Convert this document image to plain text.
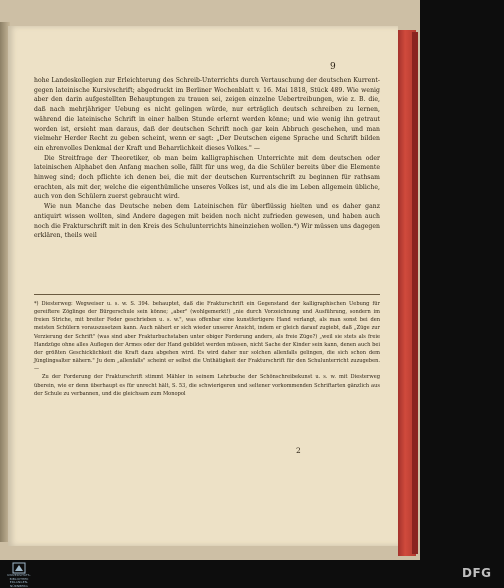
9

hohe Landeskollegien zur Erleichterung des Schreib-Unterrichts durch Vertauschung der deutschen Kurrent- gegen lateinische Kursivschrift; abgedruckt im Berliner Wochenblatt v. 16. Mai 1818, Stück 489. Wie wenig aber den darin aufgestellten Behauptungen zu trauen sei, zeigen einzelne Uebertreibungen, wie z. B. die, daß nach mehrjähriger Uebung es nicht gelingen würde, nur erträglich deutsch schreiben zu lernen, während die lateinische Schrift in einer halben Stunde erlernt werden könne; und wie wenig ihn getraut worden ist, ersieht man daraus, daß der deutschen Schrift noch gar kein Abbruch geschehen, und man vielmehr Herder Recht zu geben scheint, wenn er sagt: „Der Deutschen eigene Sprache und Schrift bilden ein ehrenvolles Denkmal der Kraft und Beharrlichkeit dieses Volkes." —

Die Streitfrage der Theoretiker, ob man beim kalligraphischen Unterrichte mit dem deutschen oder lateinischen Alphabet den Anfang machen solle, fällt für uns weg, da die Schüler bereits über die Elemente hinweg sind; doch pflichte ich denen bei, die mit der deutschen Kurrentschrift zu beginnen für rathsam erachten, als mit der, welche die eigenthümliche unseres Volkes ist, und als die im Leben allgemein übliche, auch von den Schülern zuerst gebraucht wird.

Wie nun Manche das Deutsche neben dem Lateinischen für überflüssig hielten und es daher ganz antiquirt wissen wollten, sind Andere dagegen mit beiden noch nicht zufrieden gewesen, und haben auch noch die Frakturschrift mit in den Kreis des Schulunterrichts hineinziehen wollen.*) Wir müssen uns dagegen erklären, theils weil

*) Diesterweg: Wegweiser u. s. w. S. 394. behauptet, daß die Frakturschrift ein Gegenstand der kalligraphischen Uebung für gereiftere Zöglinge der Bürgerschule sein könne; „aber" (wohlgemerkt!) „nie durch Vorzeichnung und Ausführung, sondern im freien Striche, mit breiter Feder geschrieben u. s. w.", was offenbar eine kunstfertigere Hand verlangt, als man sonst bei den meisten Schülern vorauszusetzen kann. Auch nähert er sich wieder unserer Ansicht, indem er gleich darauf zugiebt, daß „Züge zur Verzierung der Schrift" (was sind aber Frakturbuchstaben unter obiger Forderung anders, als freie Züge?) „weil sie stets als freie Handzüge ohne alles Auflegen der Armes oder der Hand gebildet werden müssen, nicht Sache der Kinder sein kann, denen auch bei der größten Geschicklichkeit die Kraft dazu abgehen wird. Es wird daher nur solchen allenfalls gelingen, die sich schon dem Jünglingsalter nähern." Ju dem „allenfalls" scheint er selbst die Unthätigkeit der Frakturschrift für den Schulunterricht zuzugeben. —

Zu der Forderung der Frakturschrift stimmt Mähler in seinem Lehrbuche der Schönschreibekunst u. s. w. mit Diesterweg überein, wie er denn überhaupt es für unrecht hält, S. 53, die schwierigeren und seltener vorkommenden Schriftarten gänzlich aus der Schule zu verbannen, und die gleichsam zum Monopol

2
UNIVERSITÄTS-
BIBLIOTHEK
ERLANGEN-NÜRNBERG
DFG
